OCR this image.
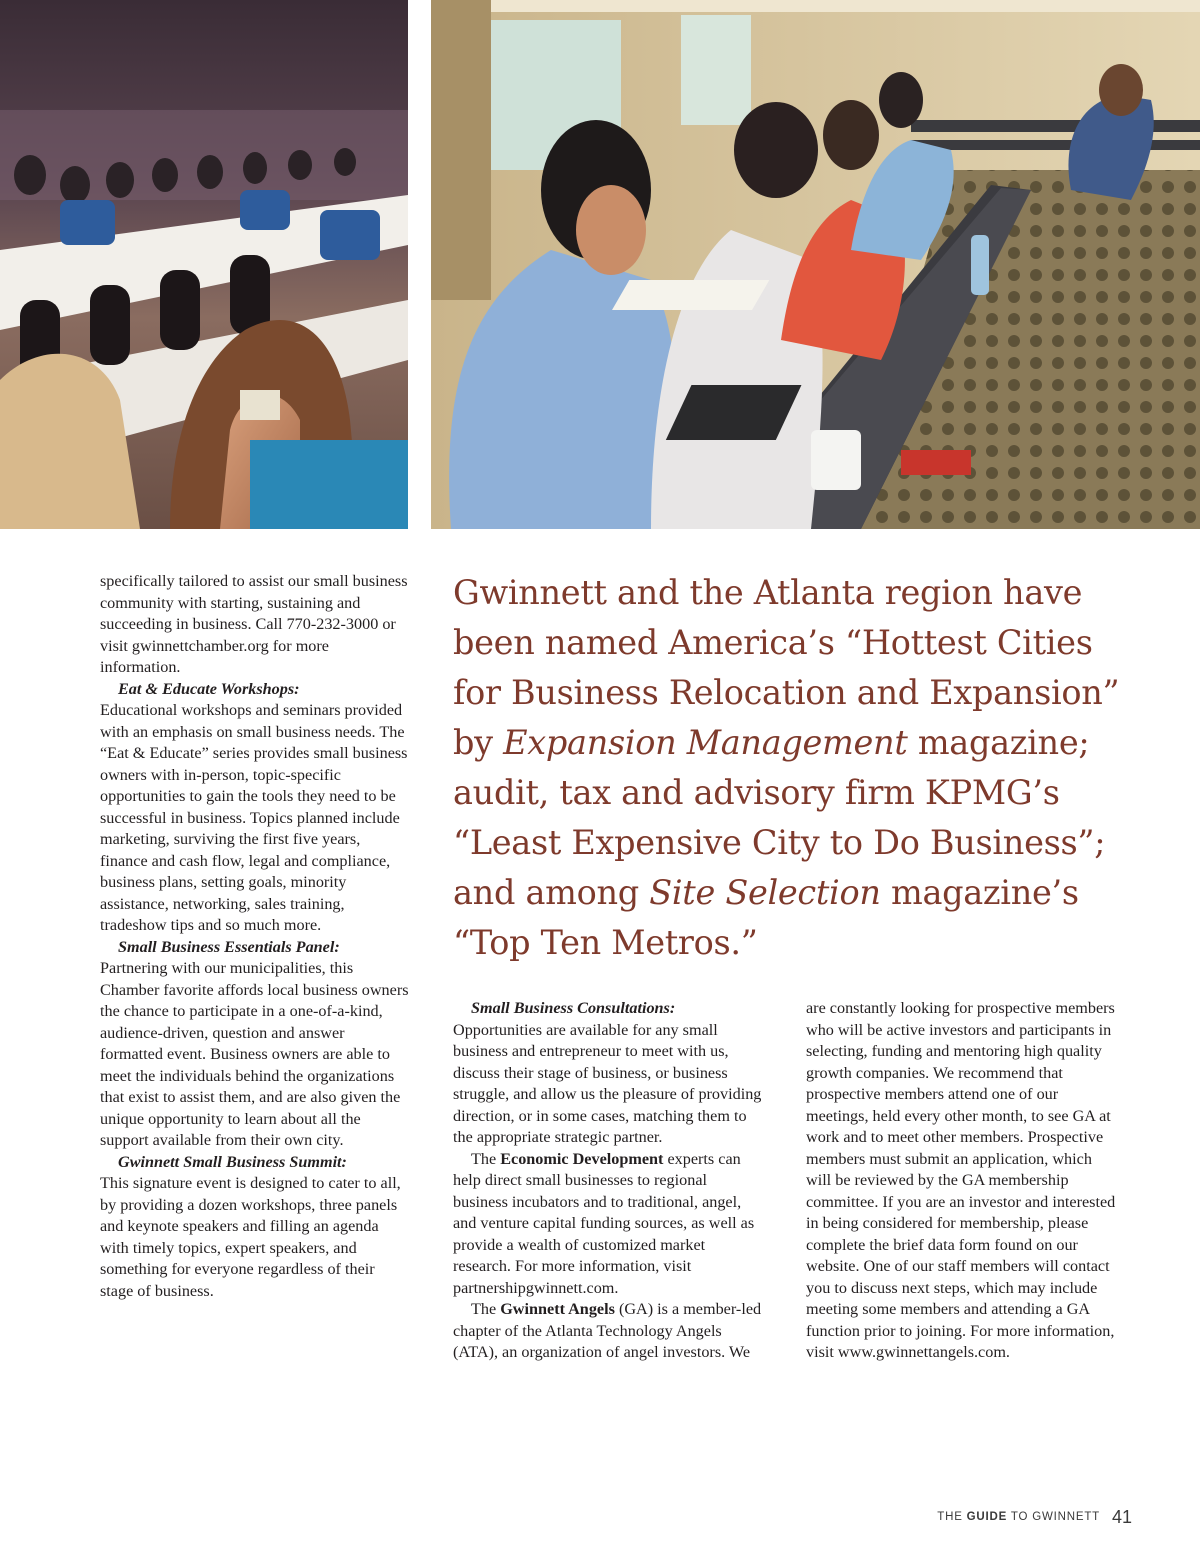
specifically tailored to assist our small business community with starting, sustaining and succeeding in business. Call 770-232-3000 or visit gwinnettchamber.org for more information.

Eat & Educate Workshops:

Educational workshops and seminars provided with an emphasis on small business needs. The “Eat & Educate” series provides small business owners with in-person, topic-specific opportunities to gain the tools they need to be successful in business. Topics planned include marketing, surviving the first five years, finance and cash flow, legal and compliance, business plans, setting goals, minority assistance, networking, sales training, tradeshow tips and so much more.

Small Business Essentials Panel:

Partnering with our municipalities, this Chamber favorite affords local business owners the chance to participate in a one-of-a-kind, audience-driven, question and answer formatted event. Business owners are able to meet the individuals behind the organizations that exist to assist them, and are also given the unique opportunity to learn about all the support available from their own city.

Gwinnett Small Business Summit:

This signature event is designed to cater to all, by providing a dozen workshops, three panels and keynote speakers and filling an agenda with timely topics, expert speakers, and something for everyone regardless of their stage of business.

Gwinnett and the Atlanta region have
been named America’s “Hottest Cities
for Business Relocation and Expansion”
by Expansion Management magazine;
audit, tax and advisory firm KPMG’s
“Least Expensive City to Do Business”;
and among Site Selection magazine’s
“Top Ten Metros.”

Small Business Consultations:

Opportunities are available for any small business and entrepreneur to meet with us, discuss their stage of business, or business struggle, and allow us the pleasure of providing direction, or in some cases, matching them to the appropriate strategic partner.

The Economic Development experts can help direct small businesses to regional business incubators and to traditional, angel, and venture capital funding sources, as well as provide a wealth of customized market research. For more information, visit partnershipgwinnett.com.

The Gwinnett Angels (GA) is a member-led chapter of the Atlanta Technology Angels (ATA), an organization of angel investors. We

are constantly looking for prospective members who will be active investors and participants in selecting, funding and mentoring high quality growth companies. We recommend that prospective members attend one of our meetings, held every other month, to see GA at work and to meet other members. Prospective members must submit an application, which will be reviewed by the GA membership committee. If you are an investor and interested in being considered for membership, please complete the brief data form found on our website. One of our staff members will contact you to discuss next steps, which may include meeting some members and attending a GA function prior to joining. For more information, visit www.gwinnettangels.com.

THE GUIDE TO GWINNETT 41
